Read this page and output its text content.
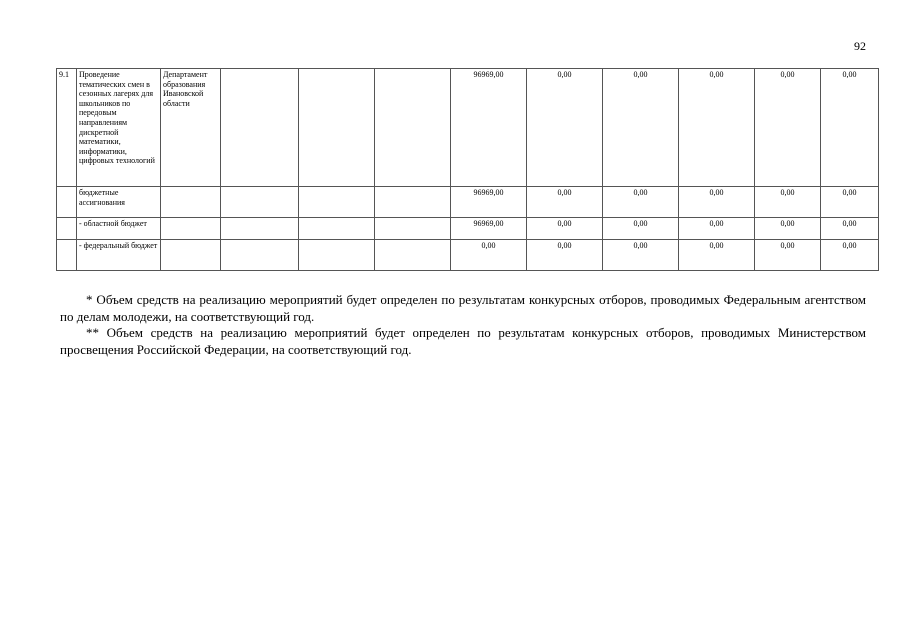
92
9.1	Проведение тематических смен в сезонных лагерях для школьников по передовым направлениям дискретной математики, информатики, цифровых технологий	Департамент образования Ивановской области				96969,00	0,00	0,00	0,00	0,00	0,00
	бюджетные ассигнования					96969,00	0,00	0,00	0,00	0,00	0,00
	- областной бюджет					96969,00	0,00	0,00	0,00	0,00	0,00
	- федеральный бюджет					0,00	0,00	0,00	0,00	0,00	0,00

* Объем средств на реализацию мероприятий будет определен по результатам конкурсных отборов, проводимых Федеральным агентством по делам молодежи, на соответствующий год.

** Объем средств на реализацию мероприятий будет определен по результатам конкурсных отборов, проводимых Министерством просвещения Российской Федерации, на соответствующий год.
